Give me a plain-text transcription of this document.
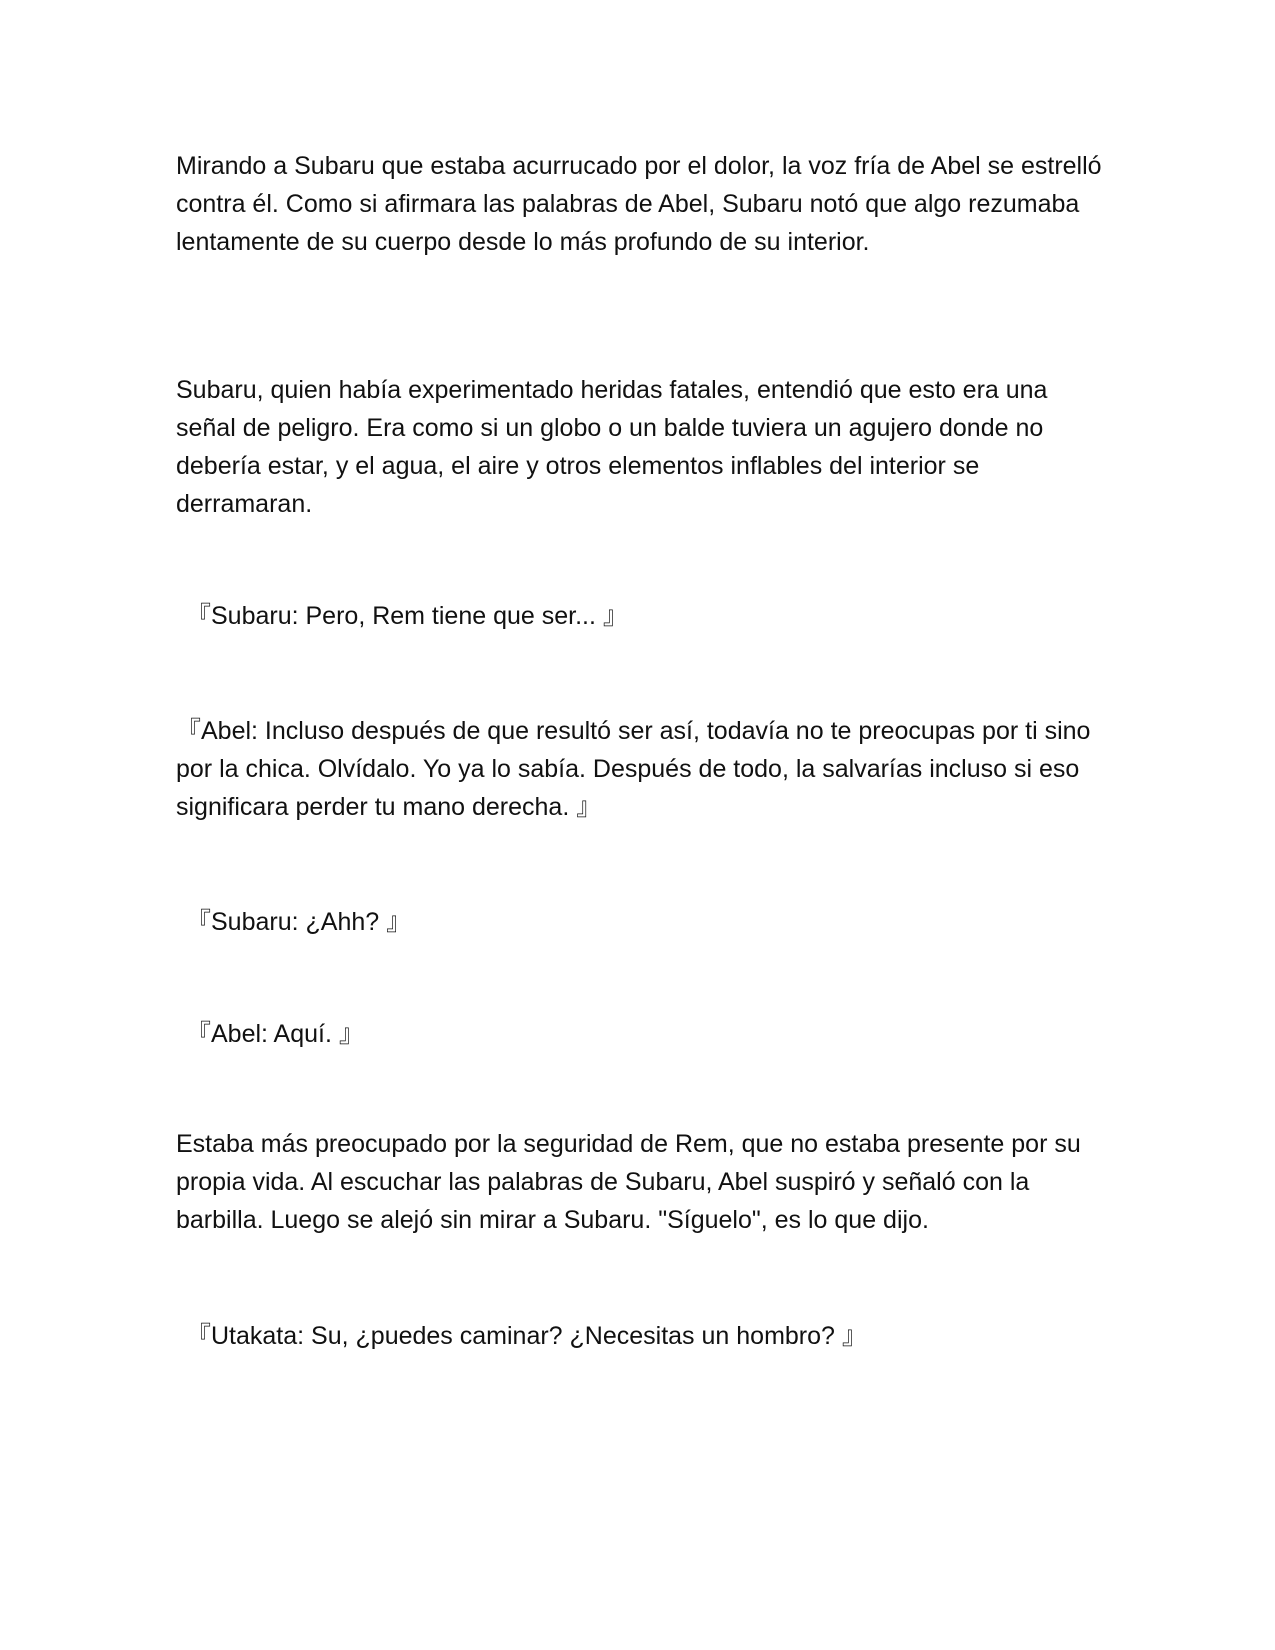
Mirando a Subaru que estaba acurrucado por el dolor, la voz fría de Abel se estrelló contra él. Como si afirmara las palabras de Abel, Subaru notó que algo rezumaba lentamente de su cuerpo desde lo más profundo de su interior.

Subaru, quien había experimentado heridas fatales, entendió que esto era una señal de peligro. Era como si un globo o un balde tuviera un agujero donde no debería estar, y el agua, el aire y otros elementos inflables del interior se derramaran.

『Subaru: Pero, Rem tiene que ser... 』

『Abel: Incluso después de que resultó ser así, todavía no te preocupas por ti sino por la chica. Olvídalo. Yo ya lo sabía. Después de todo, la salvarías incluso si eso significara perder tu mano derecha. 』

『Subaru: ¿Ahh? 』

『Abel: Aquí. 』

Estaba más preocupado por la seguridad de Rem, que no estaba presente por su propia vida. Al escuchar las palabras de Subaru, Abel suspiró y señaló con la barbilla. Luego se alejó sin mirar a Subaru. "Síguelo", es lo que dijo.

『Utakata: Su, ¿puedes caminar? ¿Necesitas un hombro? 』
